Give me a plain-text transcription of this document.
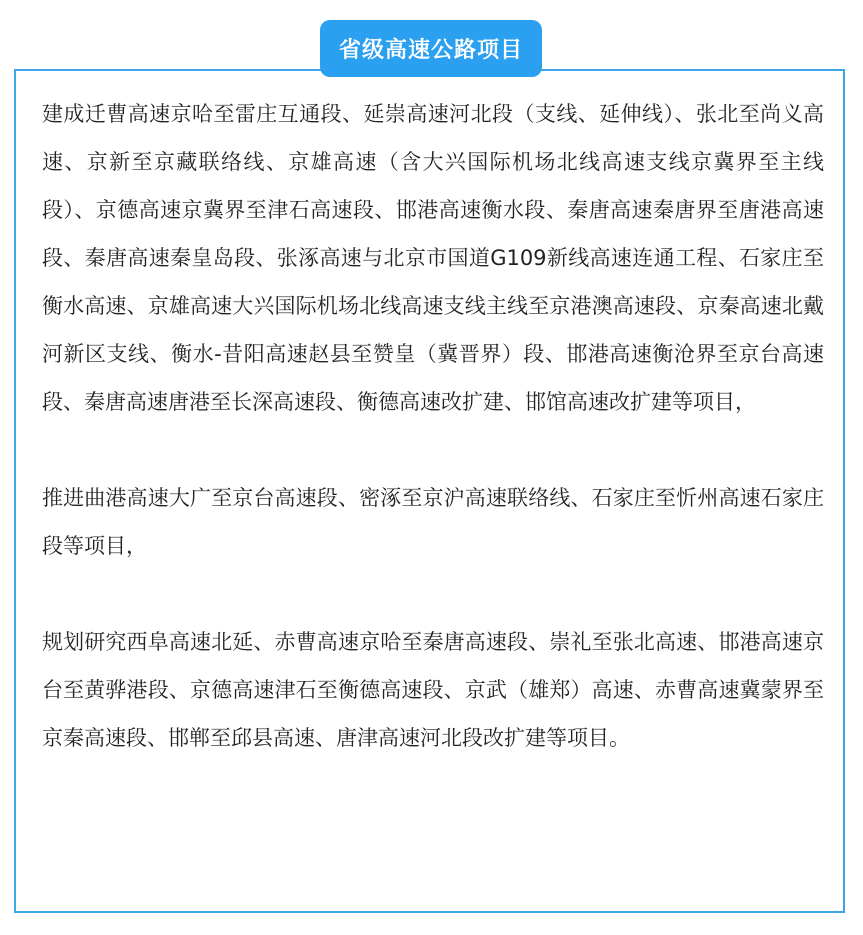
省级高速公路项目

建成迁曹高速京哈至雷庄互通段、延崇高速河北段（支线、延伸线）、张北至尚义高速、京新至京藏联络线、京雄高速（含大兴国际机场北线高速支线京冀界至主线段）、京德高速京冀界至津石高速段、邯港高速衡水段、秦唐高速秦唐界至唐港高速段、秦唐高速秦皇岛段、张涿高速与北京市国道G109新线高速连通工程、石家庄至衡水高速、京雄高速大兴国际机场北线高速支线主线至京港澳高速段、京秦高速北戴河新区支线、衡水-昔阳高速赵县至赞皇（冀晋界）段、邯港高速衡沧界至京台高速段、秦唐高速唐港至长深高速段、衡德高速改扩建、邯馆高速改扩建等项目，

推进曲港高速大广至京台高速段、密涿至京沪高速联络线、石家庄至忻州高速石家庄段等项目，

规划研究西阜高速北延、赤曹高速京哈至秦唐高速段、崇礼至张北高速、邯港高速京台至黄骅港段、京德高速津石至衡德高速段、京武（雄郑）高速、赤曹高速冀蒙界至京秦高速段、邯郸至邱县高速、唐津高速河北段改扩建等项目。
